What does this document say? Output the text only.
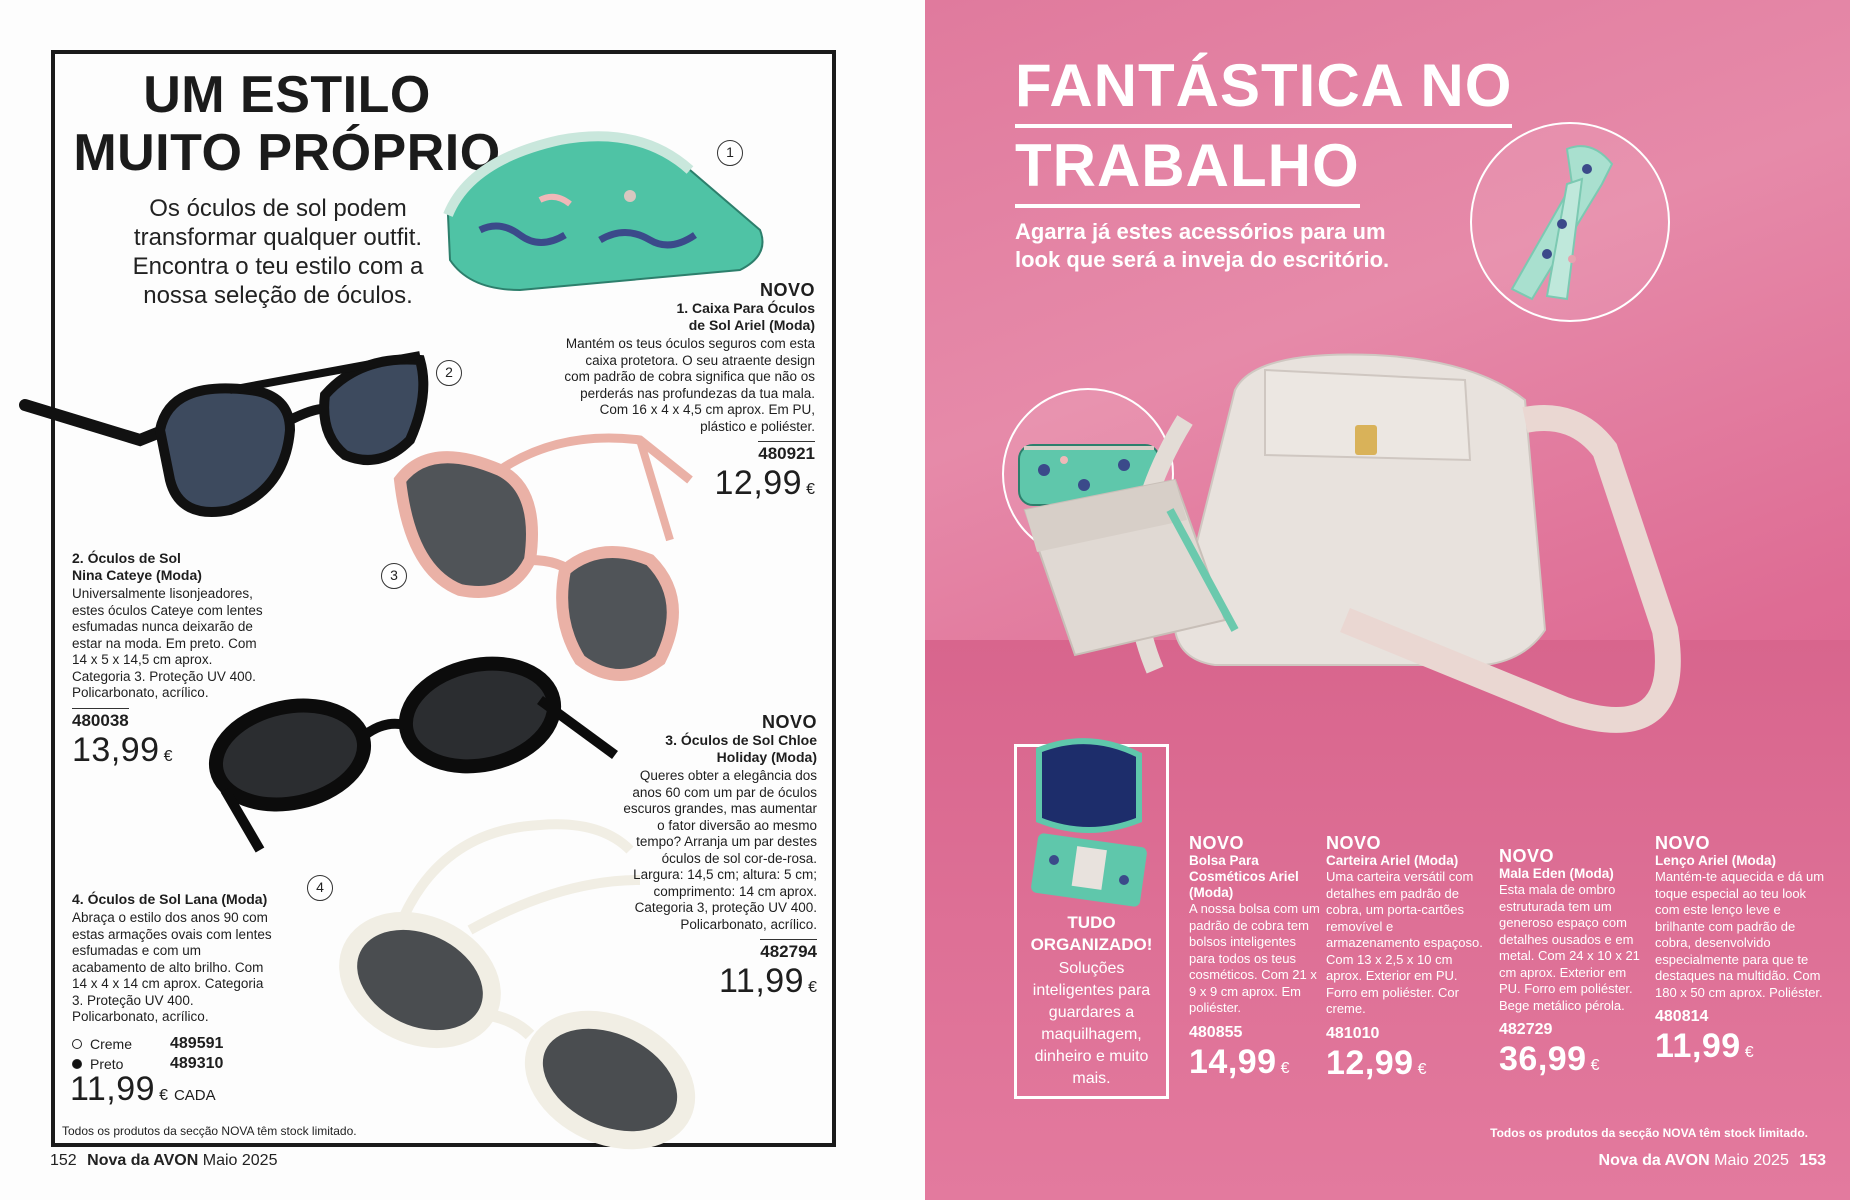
UM ESTILO
MUITO PRÓPRIO
Os óculos de sol podem transformar qualquer outfit. Encontra o teu estilo com a nossa seleção de óculos.
1
2
3
4
NOVO
1. Caixa Para Óculos
de Sol Ariel (Moda)
Mantém os teus óculos seguros com esta caixa protetora. O seu atraente design com padrão de cobra significa que não os perderás nas profundezas da tua mala. Com 16 x 4 x 4,5 cm aprox. Em PU, plástico e poliéster.
480921
12,99 €
2. Óculos de Sol
Nina Cateye (Moda)
Universalmente lisonjeadores, estes óculos Cateye com lentes esfumadas nunca deixarão de estar na moda. Em preto. Com 14 x 5 x 14,5 cm aprox. Categoria 3. Proteção UV 400. Policarbonato, acrílico.
480038
13,99 €
NOVO
3. Óculos de Sol Chloe
Holiday (Moda)
Queres obter a elegância dos anos 60 com um par de óculos escuros grandes, mas aumentar o fator diversão ao mesmo tempo? Arranja um par destes óculos de sol cor-de-rosa. Largura: 14,5 cm; altura: 5 cm; comprimento: 14 cm aprox. Categoria 3, proteção UV 400. Policarbonato, acrílico.
482794
11,99 €
4. Óculos de Sol Lana (Moda)
Abraça o estilo dos anos 90 com estas armações ovais com lentes esfumadas e com um acabamento de alto brilho. Com 14 x 4 x 14 cm aprox. Categoria 3. Proteção UV 400. Policarbonato, acrílico.
Creme	489591
Preto	489310
11,99 € CADA
Todos os produtos da secção NOVA têm stock limitado.
152 Nova da AVON Maio 2025
FANTÁSTICA NO
TRABALHO
Agarra já estes acessórios para um look que será a inveja do escritório.
TUDO
ORGANIZADO!
Soluções inteligentes para guardares a maquilhagem, dinheiro e muito mais.
NOVO
Bolsa Para Cosméticos Ariel (Moda)
A nossa bolsa com um padrão de cobra tem bolsos inteligentes para todos os teus cosméticos. Com 21 x 9 x 9 cm aprox. Em poliéster.
480855
14,99 €
NOVO
Carteira Ariel (Moda)
Uma carteira versátil com detalhes em padrão de cobra, um porta-cartões removível e armazenamento espaçoso. Com 13 x 2,5 x 10 cm aprox. Exterior em PU. Forro em poliéster. Cor creme.
481010
12,99 €
NOVO
Mala Eden (Moda)
Esta mala de ombro estruturada tem um generoso espaço com detalhes ousados e em metal. Com 24 x 10 x 21 cm aprox. Exterior em PU. Forro em poliéster. Bege metálico pérola.
482729
36,99 €
NOVO
Lenço Ariel (Moda)
Mantém-te aquecida e dá um toque especial ao teu look com este lenço leve e brilhante com padrão de cobra, desenvolvido especialmente para que te destaques na multidão. Com 180 x 50 cm aprox. Poliéster.
480814
11,99 €
Todos os produtos da secção NOVA têm stock limitado.
Nova da AVON Maio 2025 153
